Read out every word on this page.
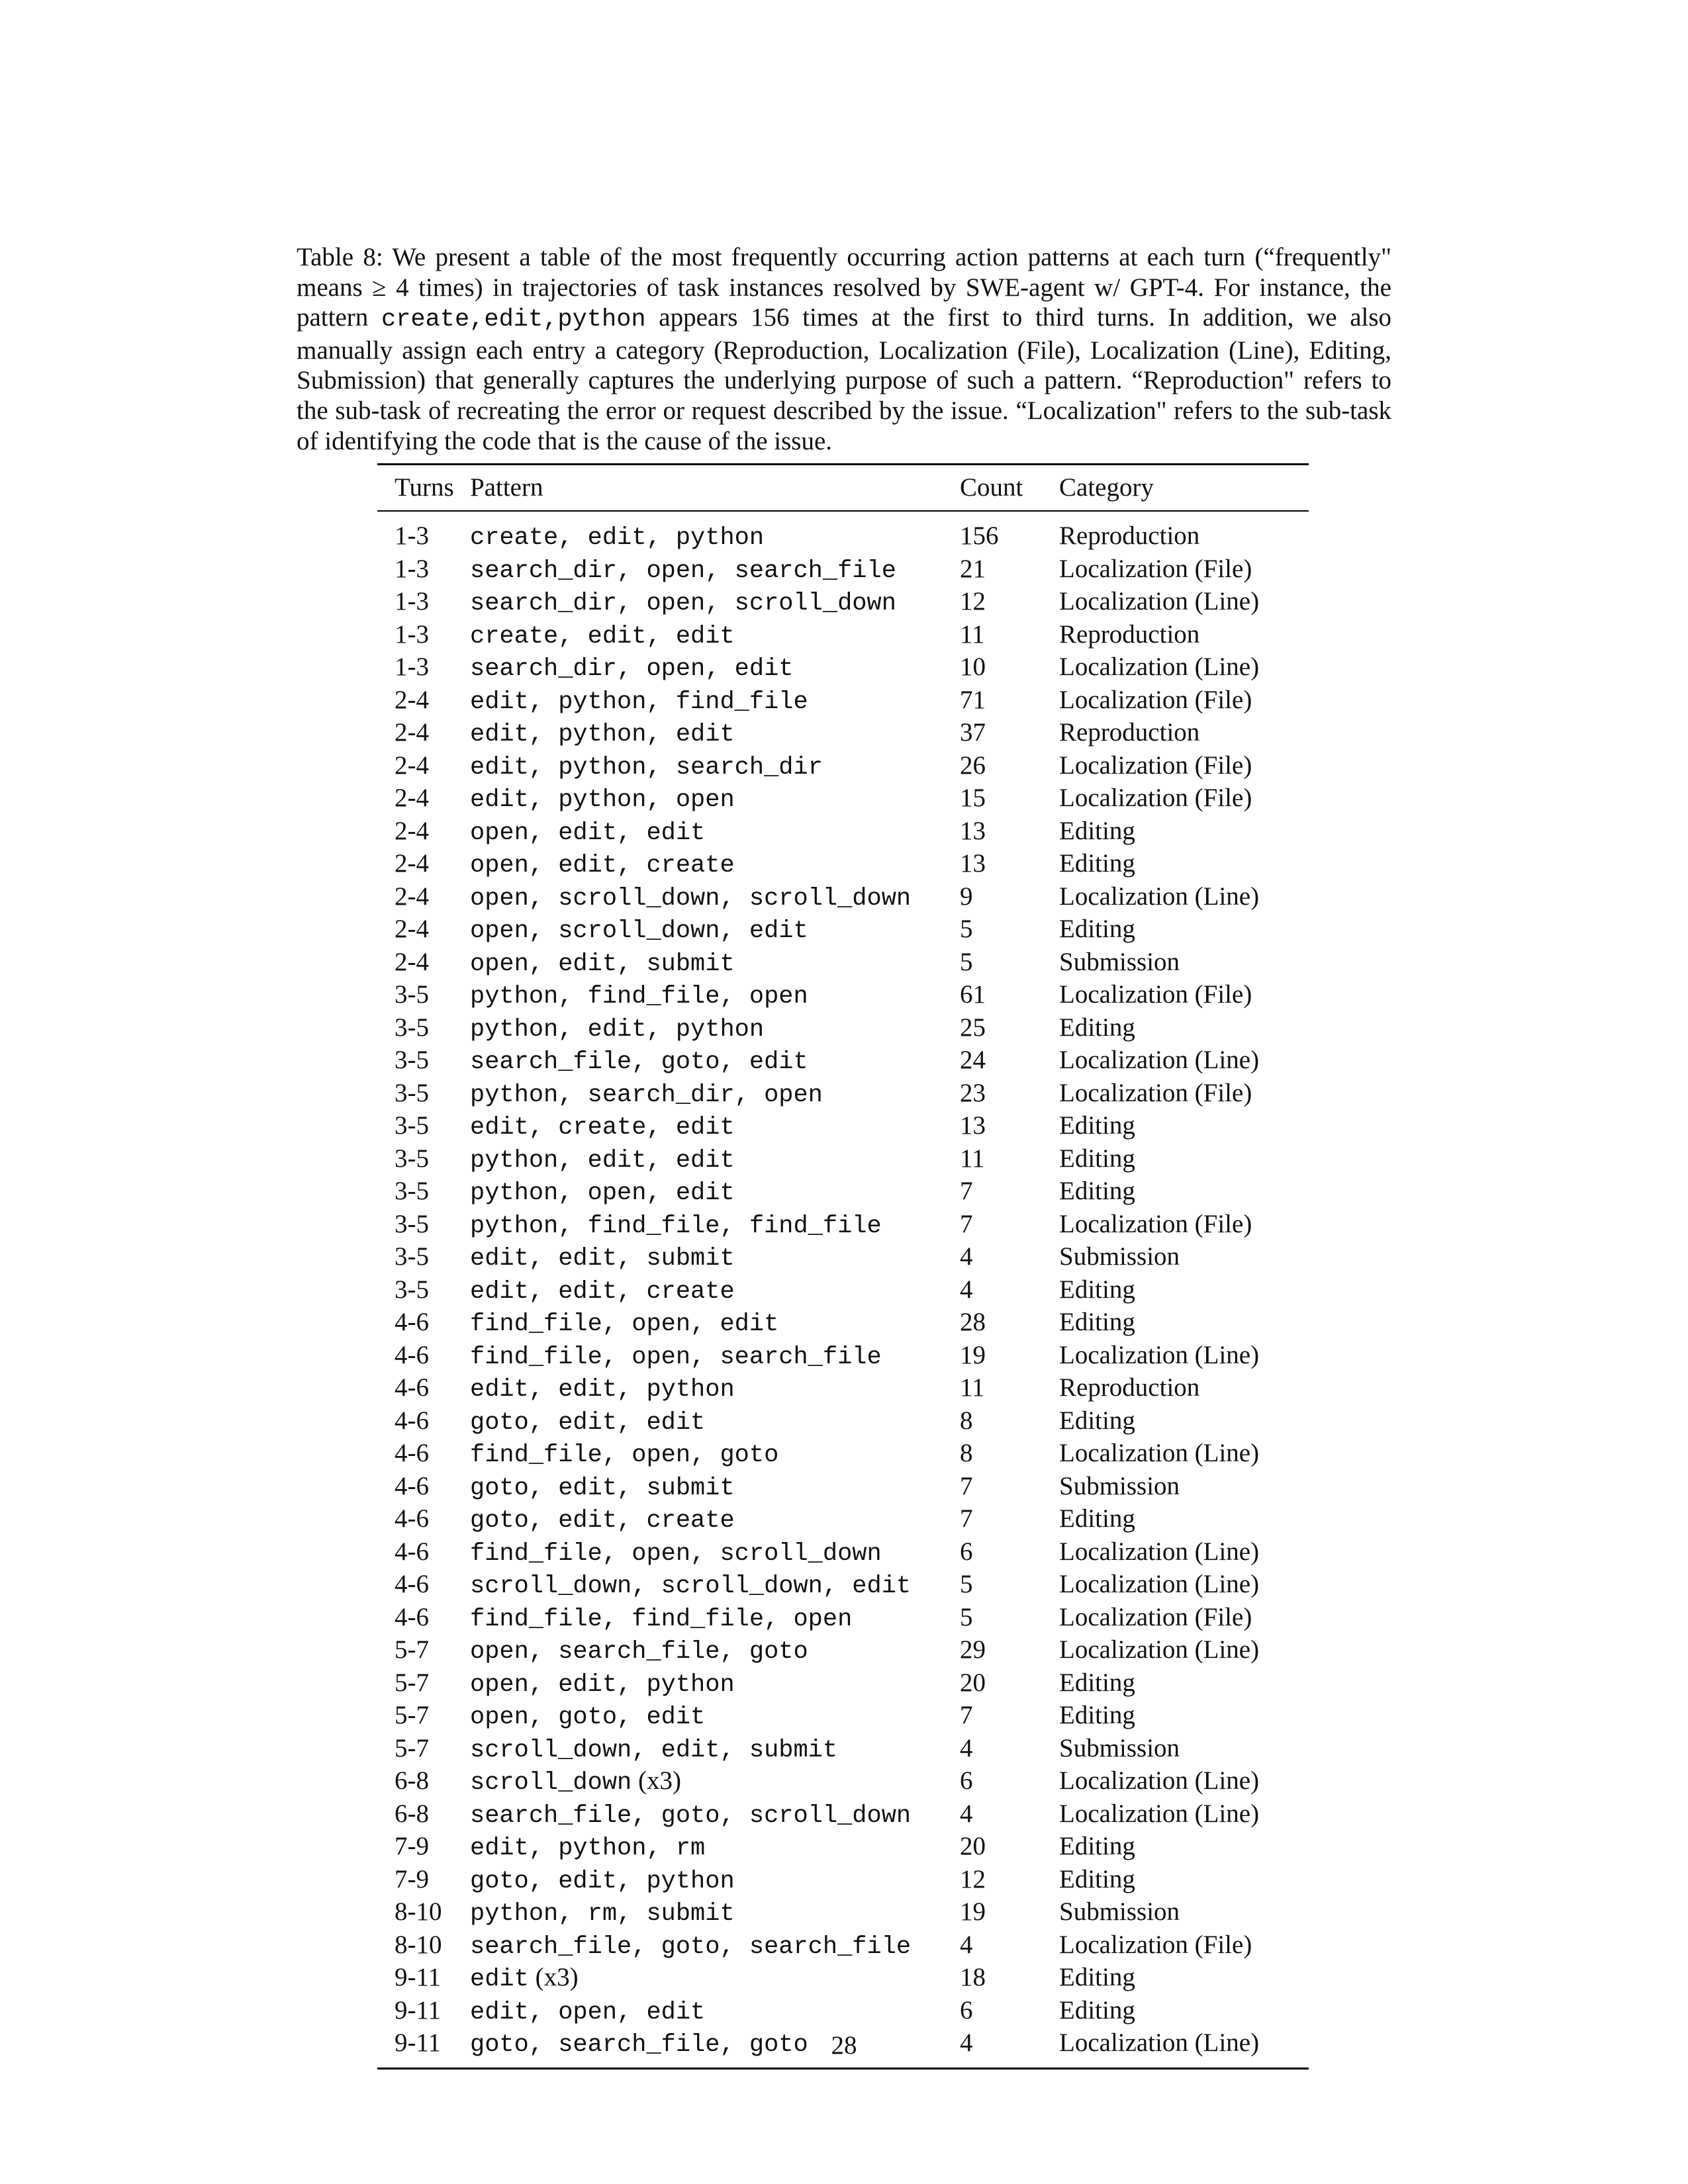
Table 8: We present a table of the most frequently occurring action patterns at each turn (“frequently" means ≥ 4 times) in trajectories of task instances resolved by SWE-agent w/ GPT-4. For instance, the pattern create,edit,python appears 156 times at the first to third turns. In addition, we also manually assign each entry a category (Reproduction, Localization (File), Localization (Line), Editing, Submission) that generally captures the underlying purpose of such a pattern. “Reproduction" refers to the sub-task of recreating the error or request described by the issue. “Localization" refers to the sub-task of identifying the code that is the cause of the issue.
Turns	Pattern	Count	Category
1-3	create, edit, python	156	Reproduction
1-3	search_dir, open, search_file	21	Localization (File)
1-3	search_dir, open, scroll_down	12	Localization (Line)
1-3	create, edit, edit	11	Reproduction
1-3	search_dir, open, edit	10	Localization (Line)
2-4	edit, python, find_file	71	Localization (File)
2-4	edit, python, edit	37	Reproduction
2-4	edit, python, search_dir	26	Localization (File)
2-4	edit, python, open	15	Localization (File)
2-4	open, edit, edit	13	Editing
2-4	open, edit, create	13	Editing
2-4	open, scroll_down, scroll_down	9	Localization (Line)
2-4	open, scroll_down, edit	5	Editing
2-4	open, edit, submit	5	Submission
3-5	python, find_file, open	61	Localization (File)
3-5	python, edit, python	25	Editing
3-5	search_file, goto, edit	24	Localization (Line)
3-5	python, search_dir, open	23	Localization (File)
3-5	edit, create, edit	13	Editing
3-5	python, edit, edit	11	Editing
3-5	python, open, edit	7	Editing
3-5	python, find_file, find_file	7	Localization (File)
3-5	edit, edit, submit	4	Submission
3-5	edit, edit, create	4	Editing
4-6	find_file, open, edit	28	Editing
4-6	find_file, open, search_file	19	Localization (Line)
4-6	edit, edit, python	11	Reproduction
4-6	goto, edit, edit	8	Editing
4-6	find_file, open, goto	8	Localization (Line)
4-6	goto, edit, submit	7	Submission
4-6	goto, edit, create	7	Editing
4-6	find_file, open, scroll_down	6	Localization (Line)
4-6	scroll_down, scroll_down, edit	5	Localization (Line)
4-6	find_file, find_file, open	5	Localization (File)
5-7	open, search_file, goto	29	Localization (Line)
5-7	open, edit, python	20	Editing
5-7	open, goto, edit	7	Editing
5-7	scroll_down, edit, submit	4	Submission
6-8	scroll_down (x3)	6	Localization (Line)
6-8	search_file, goto, scroll_down	4	Localization (Line)
7-9	edit, python, rm	20	Editing
7-9	goto, edit, python	12	Editing
8-10	python, rm, submit	19	Submission
8-10	search_file, goto, search_file	4	Localization (File)
9-11	edit (x3)	18	Editing
9-11	edit, open, edit	6	Editing
9-11	goto, search_file, goto	4	Localization (Line)
28
